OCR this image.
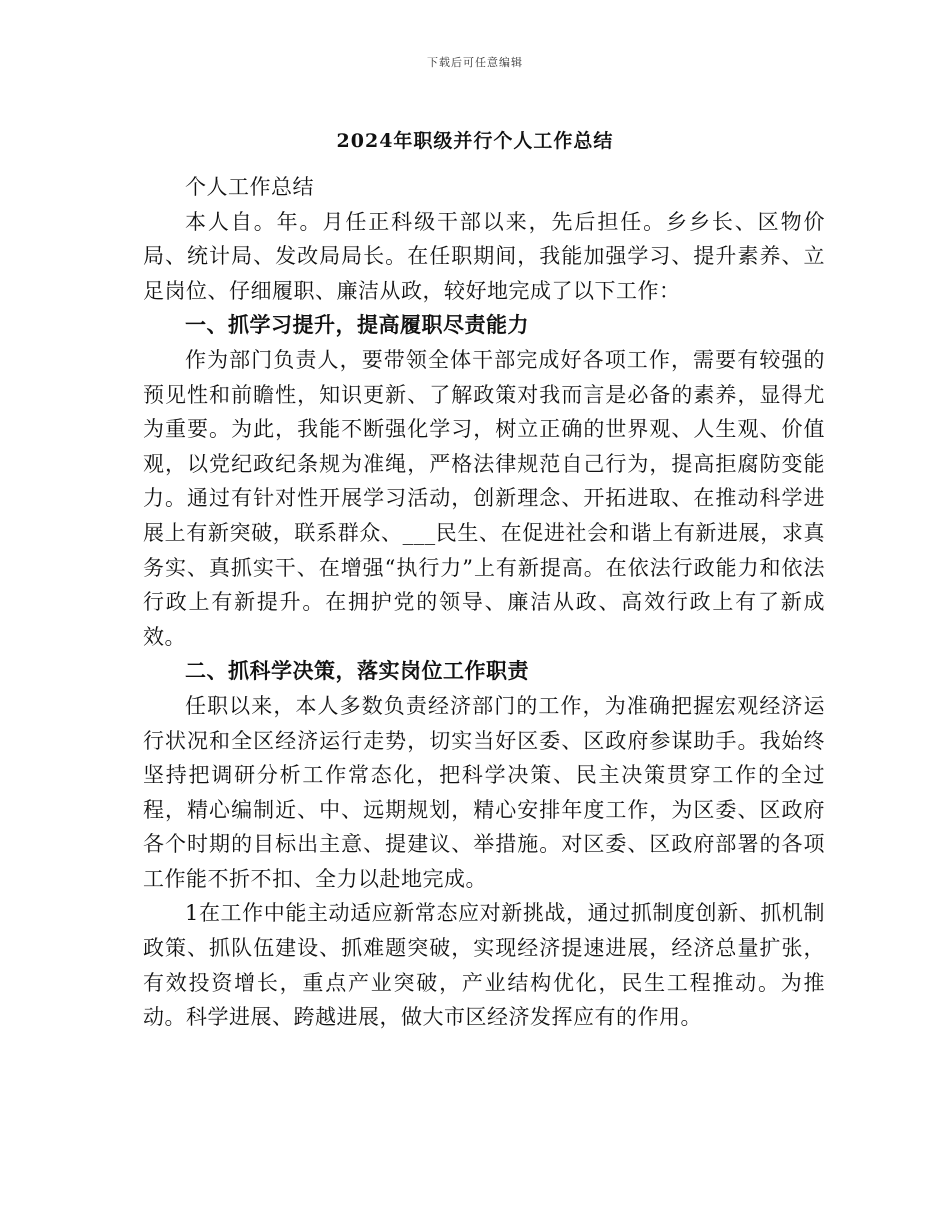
下载后可任意编辑
2024年职级并行个人工作总结

个人工作总结

本人自。年。月任正科级干部以来，先后担任。乡乡长、区物价局、统计局、发改局局长。在任职期间，我能加强学习、提升素养、立足岗位、仔细履职、廉洁从政，较好地完成了以下工作：

一、抓学习提升，提高履职尽责能力

作为部门负责人，要带领全体干部完成好各项工作，需要有较强的预见性和前瞻性，知识更新、了解政策对我而言是必备的素养，显得尤为重要。为此，我能不断强化学习，树立正确的世界观、人生观、价值观，以党纪政纪条规为准绳，严格法律规范自己行为，提高拒腐防变能力。通过有针对性开展学习活动，创新理念、开拓进取、在推动科学进展上有新突破，联系群众、___民生、在促进社会和谐上有新进展，求真务实、真抓实干、在增强“执行力”上有新提高。在依法行政能力和依法行政上有新提升。在拥护党的领导、廉洁从政、高效行政上有了新成效。

二、抓科学决策，落实岗位工作职责

任职以来，本人多数负责经济部门的工作，为准确把握宏观经济运行状况和全区经济运行走势，切实当好区委、区政府参谋助手。我始终坚持把调研分析工作常态化，把科学决策、民主决策贯穿工作的全过程，精心编制近、中、远期规划，精心安排年度工作，为区委、区政府各个时期的目标出主意、提建议、举措施。对区委、区政府部署的各项工作能不折不扣、全力以赴地完成。

1在工作中能主动适应新常态应对新挑战，通过抓制度创新、抓机制政策、抓队伍建设、抓难题突破，实现经济提速进展，经济总量扩张，有效投资增长，重点产业突破，产业结构优化，民生工程推动。为推动。科学进展、跨越进展，做大市区经济发挥应有的作用。
